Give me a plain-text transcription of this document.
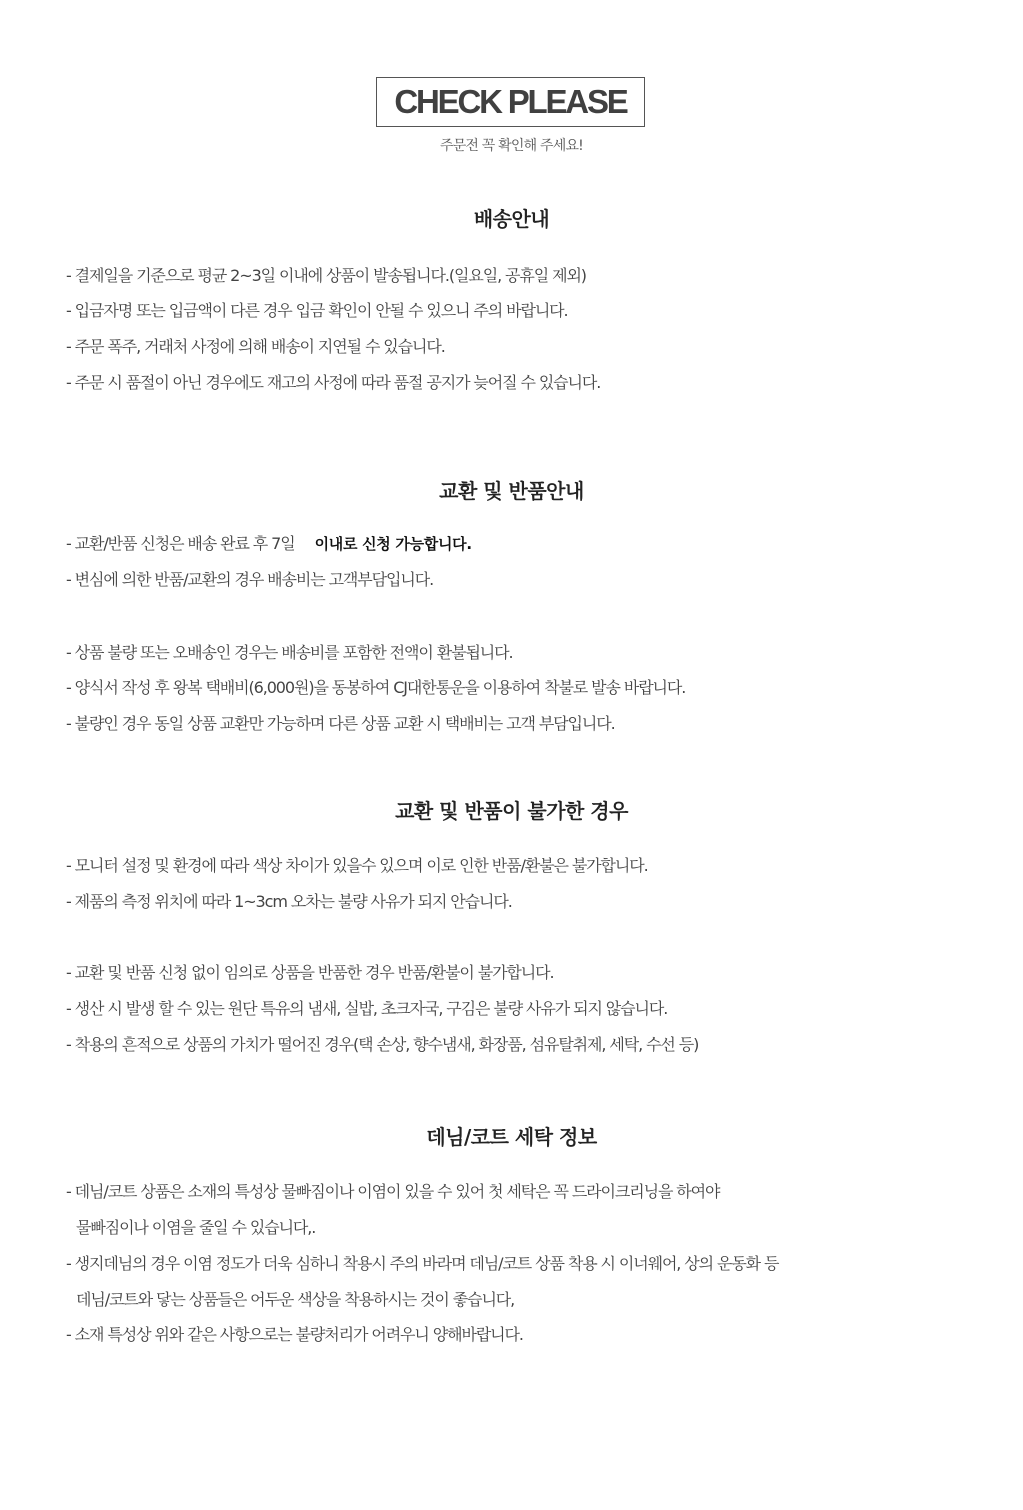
CHECK PLEASE
주문전 꼭 확인해 주세요!
배송안내
- 결제일을 기준으로 평균 2~3일 이내에 상품이 발송됩니다.(일요일, 공휴일 제외)
- 입금자명 또는 입금액이 다른 경우 입금 확인이 안될 수 있으니 주의 바랍니다.
- 주문 폭주, 거래처 사정에 의해 배송이 지연될 수 있습니다.
- 주문 시 품절이 아닌 경우에도 재고의 사정에 따라 품절 공지가 늦어질 수 있습니다.
교환 및 반품안내
- 교환/반품 신청은 배송 완료 후 7일 이내로 신청 가능합니다.
- 변심에 의한 반품/교환의 경우 배송비는 고객부담입니다.
- 상품 불량 또는 오배송인 경우는 배송비를 포함한 전액이 환불됩니다.
- 양식서 작성 후 왕복 택배비(6,000원)을 동봉하여 CJ대한통운을 이용하여 착불로 발송 바랍니다.
- 불량인 경우 동일 상품 교환만 가능하며 다른 상품 교환 시 택배비는 고객 부담입니다.
교환 및 반품이 불가한 경우
- 모니터 설정 및 환경에 따라 색상 차이가 있을수 있으며 이로 인한 반품/환불은 불가합니다.
- 제품의 측정 위치에 따라 1~3cm 오차는 불량 사유가 되지 안습니다.
- 교환 및 반품 신청 없이 임의로 상품을 반품한 경우 반품/환불이 불가합니다.
- 생산 시 발생 할 수 있는 원단 특유의 냄새, 실밥, 초크자국, 구김은 불량 사유가 되지 않습니다.
- 착용의 흔적으로 상품의 가치가 떨어진 경우(택 손상, 향수냄새, 화장품, 섬유탈취제, 세탁, 수선 등)
데님/코트 세탁 정보
- 데님/코트 상품은 소재의 특성상 물빠짐이나 이염이 있을 수 있어 첫 세탁은 꼭 드라이크리닝을 하여야
물빠짐이나 이염을 줄일 수 있습니다,.
- 생지데님의 경우 이염 정도가 더욱 심하니 착용시 주의 바라며 데님/코트 상품 착용 시 이너웨어, 상의 운동화 등
데님/코트와 닿는 상품들은 어두운 색상을 착용하시는 것이 좋습니다,
- 소재 특성상 위와 같은 사항으로는 불량처리가 어려우니 양해바랍니다.
